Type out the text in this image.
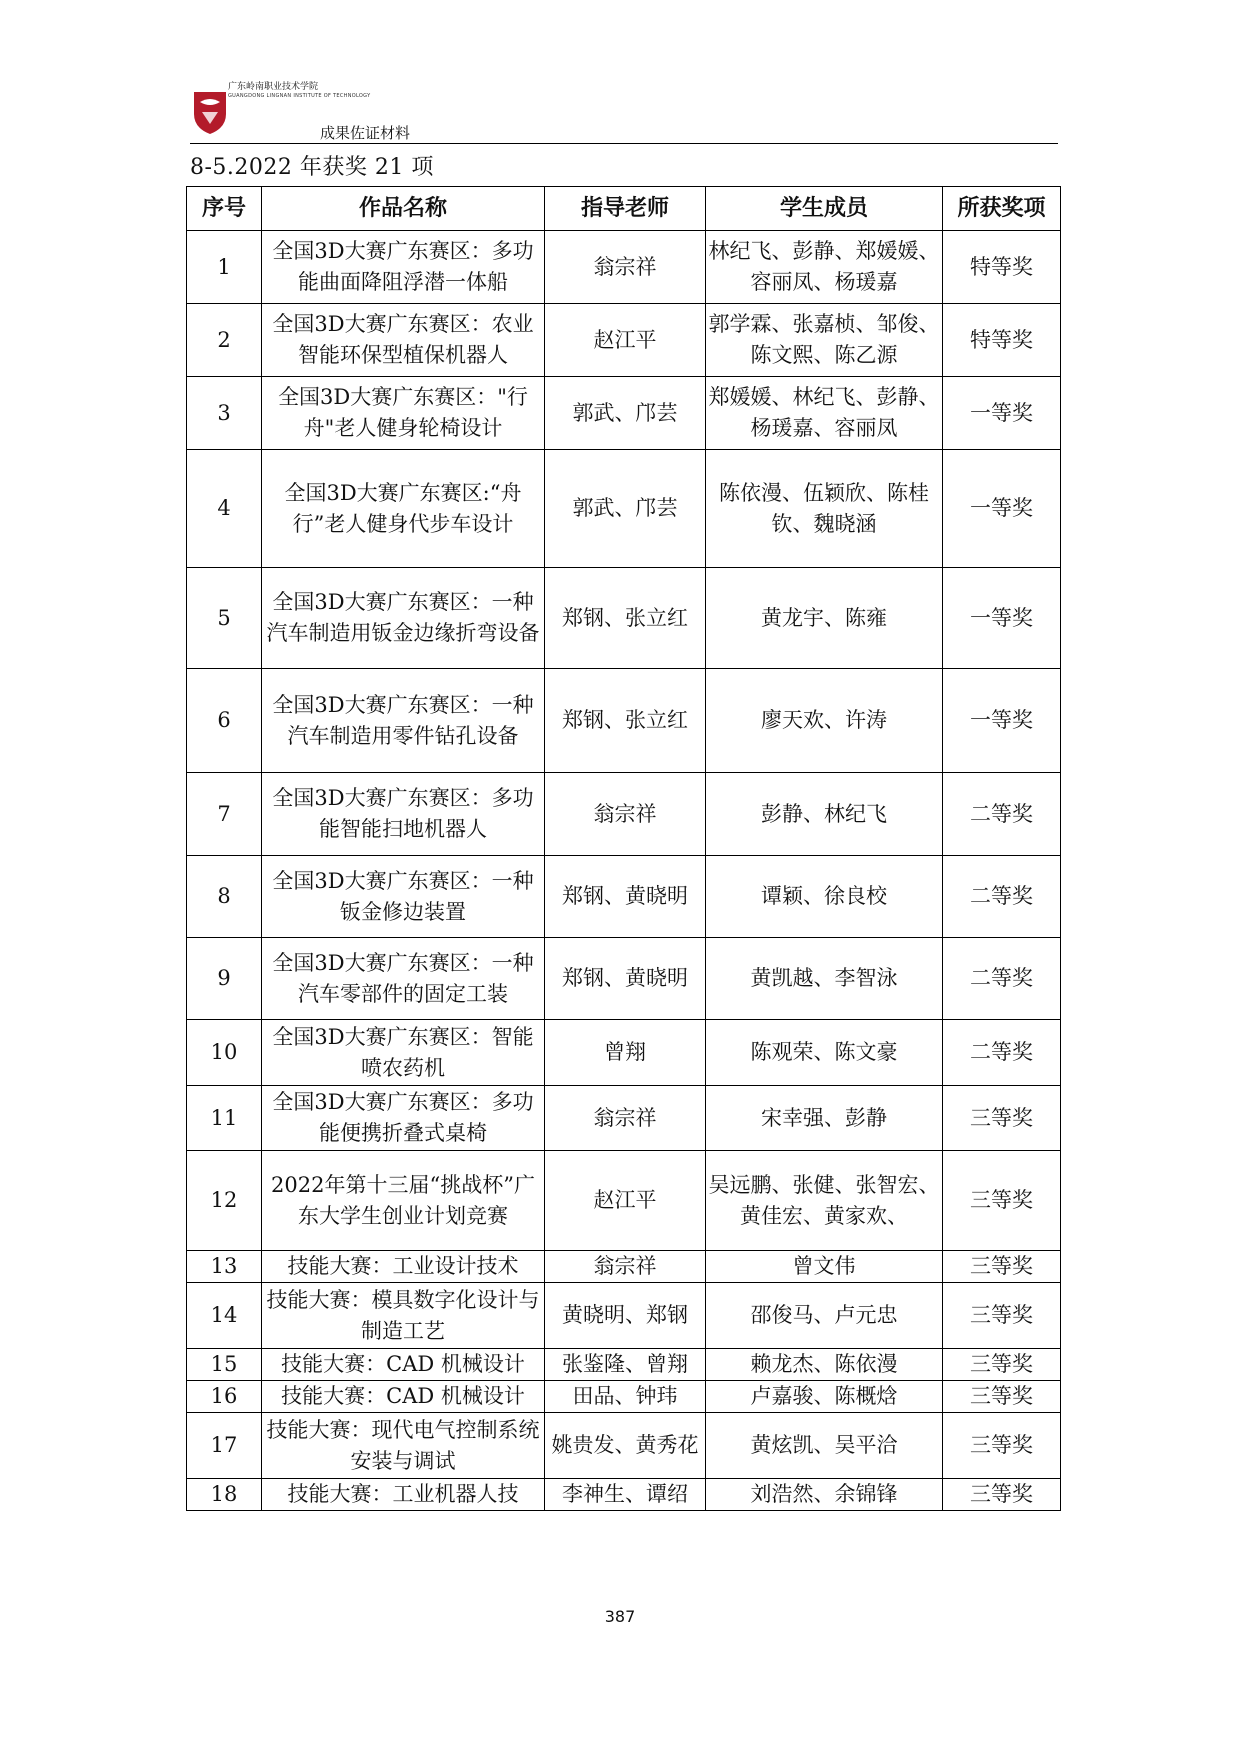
广东岭南职业技术学院
GUANGDONG LINGNAN INSTITUTE OF TECHNOLOGY
成果佐证材料
8-5.2022 年获奖 21 项
序号	作品名称	指导老师	学生成员	所获奖项
1	全国3D大赛广东赛区：多功能曲面降阻浮潜一体船	翁宗祥	林纪飞、彭静、郑媛媛、容丽凤、杨瑗嘉	特等奖
2	全国3D大赛广东赛区：农业智能环保型植保机器人	赵江平	郭学霖、张嘉桢、邹俊、陈文熙、陈乙源	特等奖
3	全国3D大赛广东赛区："行舟"老人健身轮椅设计	郭武、邝芸	郑媛媛、林纪飞、彭静、杨瑗嘉、容丽凤	一等奖
4	全国3D大赛广东赛区:“舟行”老人健身代步车设计	郭武、邝芸	陈依漫、伍颖欣、陈桂钦、魏晓涵	一等奖
5	全国3D大赛广东赛区：一种汽车制造用钣金边缘折弯设备	郑钢、张立红	黄龙宇、陈雍	一等奖
6	全国3D大赛广东赛区：一种汽车制造用零件钻孔设备	郑钢、张立红	廖天欢、许涛	一等奖
7	全国3D大赛广东赛区：多功能智能扫地机器人	翁宗祥	彭静、林纪飞	二等奖
8	全国3D大赛广东赛区：一种钣金修边装置	郑钢、黄晓明	谭颖、徐良校	二等奖
9	全国3D大赛广东赛区：一种汽车零部件的固定工装	郑钢、黄晓明	黄凯越、李智泳	二等奖
10	全国3D大赛广东赛区：智能喷农药机	曾翔	陈观荣、陈文豪	二等奖
11	全国3D大赛广东赛区：多功能便携折叠式桌椅	翁宗祥	宋幸强、彭静	三等奖
12	2022年第十三届“挑战杯”广东大学生创业计划竞赛	赵江平	吴远鹏、张健、张智宏、黄佳宏、黄家欢、	三等奖
13	技能大赛：工业设计技术	翁宗祥	曾文伟	三等奖
14	技能大赛：模具数字化设计与制造工艺	黄晓明、郑钢	邵俊马、卢元忠	三等奖
15	技能大赛：CAD 机械设计	张鉴隆、曾翔	赖龙杰、陈依漫	三等奖
16	技能大赛：CAD 机械设计	田品、钟玮	卢嘉骏、陈概焓	三等奖
17	技能大赛：现代电气控制系统安装与调试	姚贵发、黄秀花	黄炫凯、吴平洽	三等奖
18	技能大赛：工业机器人技	李神生、谭绍	刘浩然、余锦锋	三等奖
387
